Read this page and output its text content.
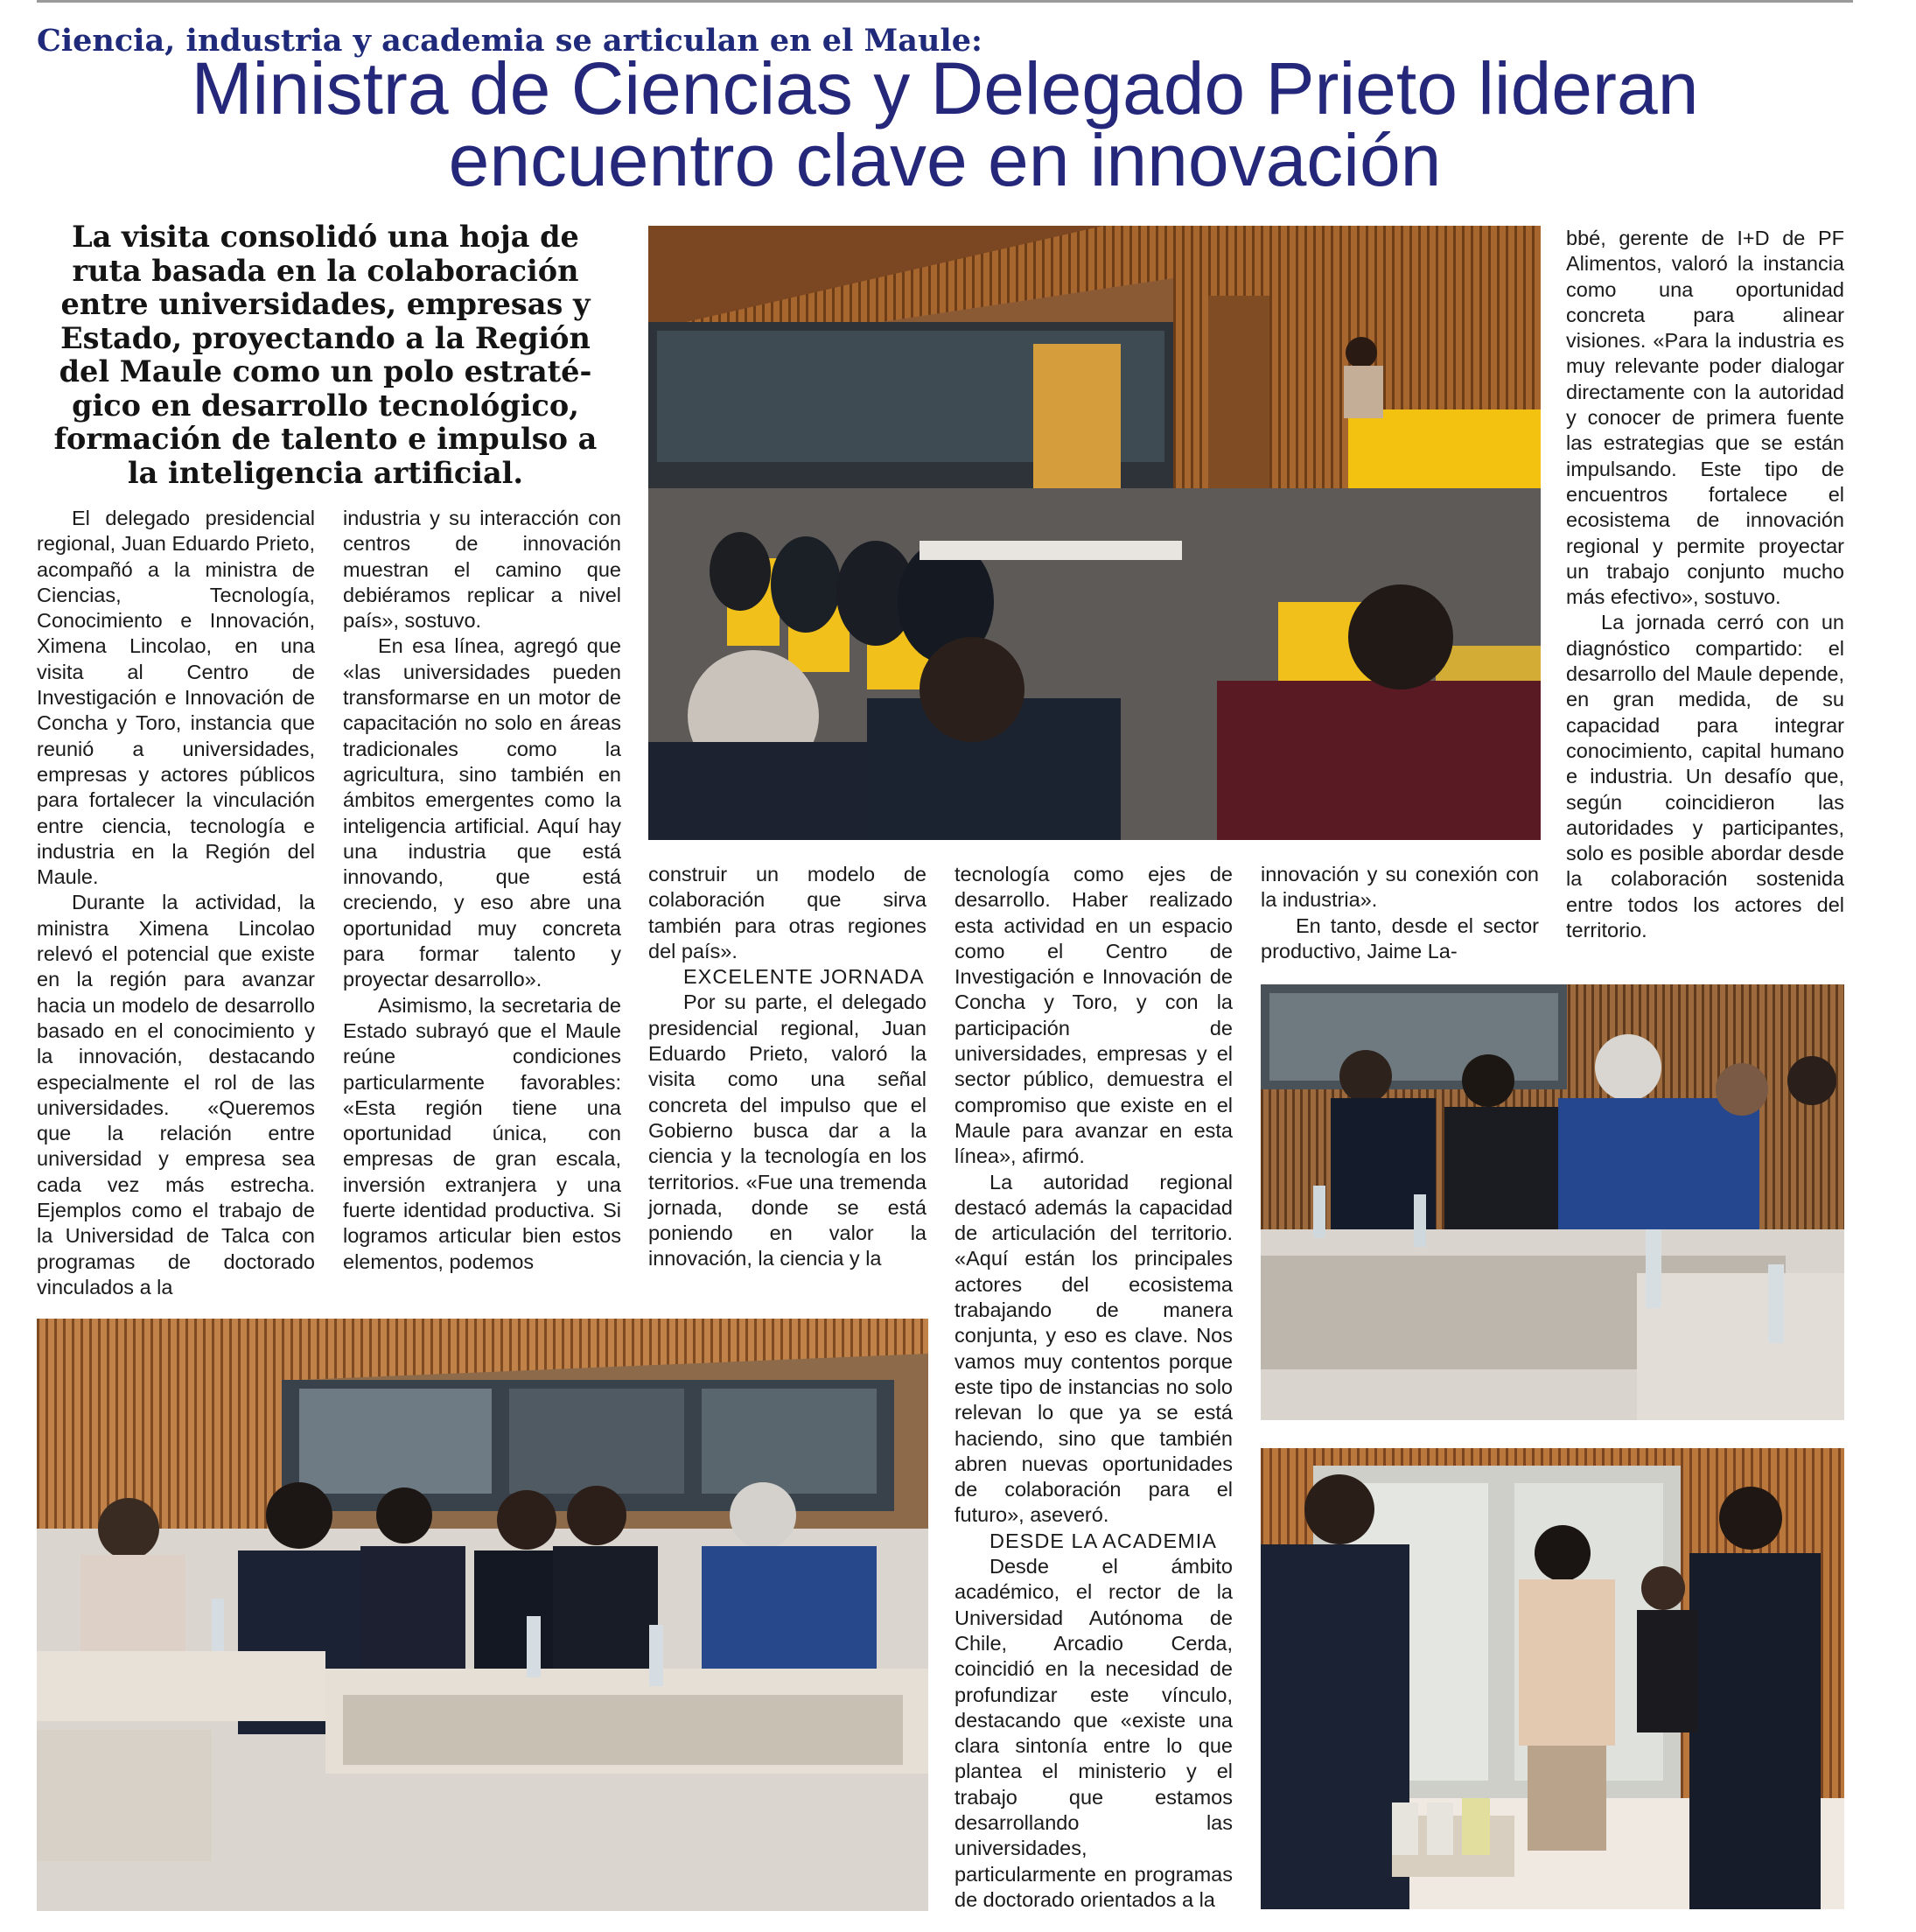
Ciencia, industria y academia se articulan en el Maule:
Ministra de Ciencias y Delegado Prieto lideran
encuentro clave en innovación
La visita consolidó una hoja de
ruta basada en la colaboración
entre universidades, empresas y
Estado, proyectando a la Región
del Maule como un polo estraté-
gico en desarrollo tecnológico,
formación de talento e impulso a
la inteligencia artificial.

El delegado presidencial regional, Juan Eduardo Prieto, acompañó a la ministra de Ciencias, Tecnología, Conocimiento e Innovación, Ximena Lincolao, en una visita al Centro de Investigación e Innovación de Concha y Toro, instancia que reunió a universidades, empresas y actores públicos para fortalecer la vinculación entre ciencia, tecnología e industria en la Región del Maule.

Durante la actividad, la ministra Ximena Lincolao relevó el potencial que existe en la región para avanzar hacia un modelo de desarrollo basado en el conocimiento y la innovación, destacando especialmente el rol de las universidades. «Queremos que la relación entre universidad y empresa sea cada vez más estrecha. Ejemplos como el trabajo de la Universidad de Talca con programas de doctorado vinculados a la

industria y su interacción con centros de innovación muestran el camino que debiéramos replicar a nivel país», sostuvo.

En esa línea, agregó que «las universidades pueden transformarse en un motor de capacitación no solo en áreas tradicionales como la agricultura, sino también en ámbitos emergentes como la inteligencia artificial. Aquí hay una industria que está innovando, que está creciendo, y eso abre una oportunidad muy concreta para formar talento y proyectar desarrollo».

Asimismo, la secretaria de Estado subrayó que el Maule reúne condiciones particularmente favorables: «Esta región tiene una oportunidad única, con empresas de gran escala, inversión extranjera y una fuerte identidad productiva. Si logramos articular bien estos elementos, podemos

construir un modelo de colaboración que sirva también para otras regiones del país».

EXCELENTE JORNADA

Por su parte, el delegado presidencial regional, Juan Eduardo Prieto, valoró la visita como una señal concreta del impulso que el Gobierno busca dar a la ciencia y la tecnología en los territorios. «Fue una tremenda jornada, donde se está poniendo en valor la innovación, la ciencia y la

tecnología como ejes de desarrollo. Haber realizado esta actividad en un espacio como el Centro de Investigación e Innovación de Concha y Toro, y con la participación de universidades, empresas y el sector público, demuestra el compromiso que existe en el Maule para avanzar en esta línea», afirmó.

La autoridad regional destacó además la capacidad de articulación del territorio. «Aquí están los principales actores del ecosistema trabajando de manera conjunta, y eso es clave. Nos vamos muy contentos porque este tipo de instancias no solo relevan lo que ya se está haciendo, sino que también abren nuevas oportunidades de colaboración para el futuro», aseveró.

DESDE LA ACADEMIA

Desde el ámbito académico, el rector de la Universidad Autónoma de Chile, Arcadio Cerda, coincidió en la necesidad de profundizar este vínculo, destacando que «existe una clara sintonía entre lo que plantea el ministerio y el trabajo que estamos desarrollando las universidades, particularmente en programas de doctorado orientados a la

innovación y su conexión con la industria».

En tanto, desde el sector productivo, Jaime La-

bbé, gerente de I+D de PF Alimentos, valoró la instancia como una oportunidad concreta para alinear visiones. «Para la industria es muy relevante poder dialogar directamente con la autoridad y conocer de primera fuente las estrategias que se están impulsando. Este tipo de encuentros fortalece el ecosistema de innovación regional y permite proyectar un trabajo conjunto mucho más efectivo», sostuvo.

La jornada cerró con un diagnóstico compartido: el desarrollo del Maule depende, en gran medida, de su capacidad para integrar conocimiento, capital humano e industria. Un desafío que, según coincidieron las autoridades y participantes, solo es posible abordar desde la colaboración sostenida entre todos los actores del territorio.
